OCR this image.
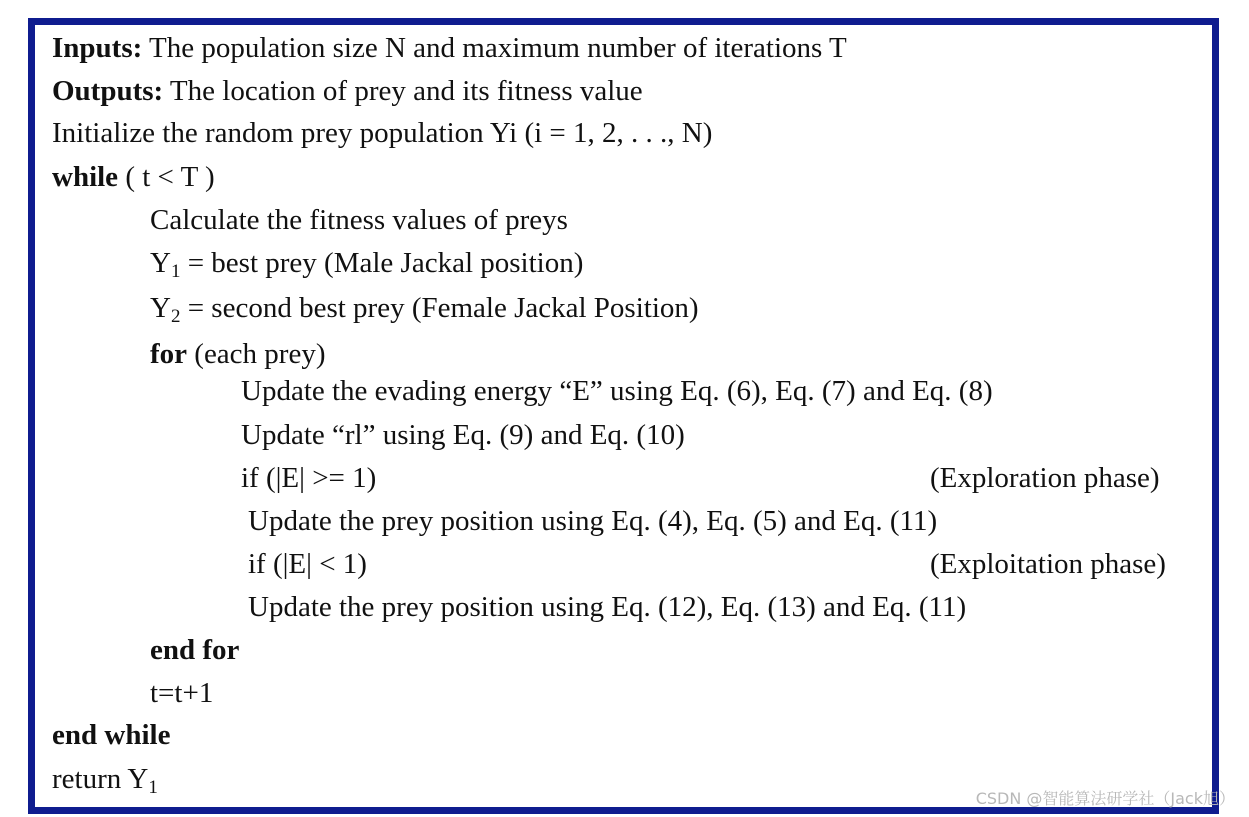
Inputs: The population size N and maximum number of iterations T
Outputs: The location of prey and its fitness value
Initialize the random prey population Yi (i = 1, 2, . . ., N)
while ( t < T )
Calculate the fitness values of preys
$Y_1$ = best prey (Male Jackal position)
$Y_2$ = second best prey (Female Jackal Position)
for (each prey)
Update the evading energy “E” using Eq. (6), Eq. (7) and Eq. (8)
Update “rl” using Eq. (9) and Eq. (10)
if (|E| >= 1)	(Exploration phase)
Update the prey position using Eq. (4), Eq. (5) and Eq. (11)
if (|E| < 1)	(Exploitation phase)
Update the prey position using Eq. (12), Eq. (13) and Eq. (11)
end for
t=t+1
end while
return $Y_1$
CSDN @智能算法研学社（Jack旭）
